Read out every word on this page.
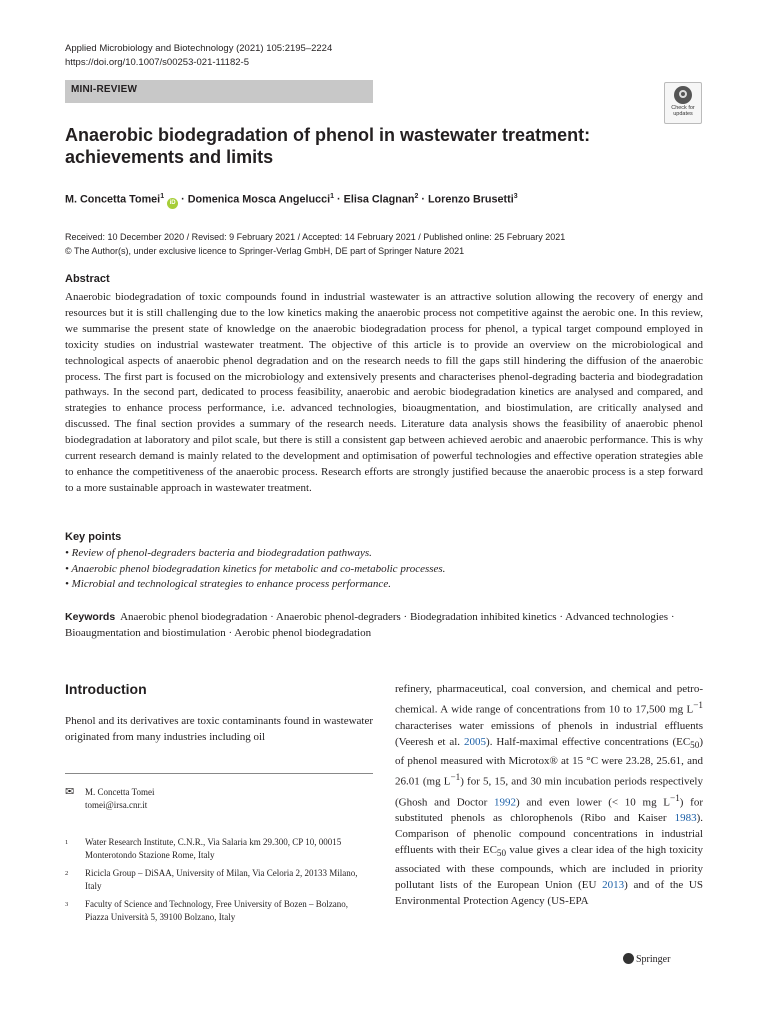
Applied Microbiology and Biotechnology (2021) 105:2195–2224
https://doi.org/10.1007/s00253-021-11182-5
MINI-REVIEW
Check for
updates
Anaerobic biodegradation of phenol in wastewater treatment: achievements and limits
M. Concetta Tomei$^1$ iD · Domenica Mosca Angelucci$^1$ · Elisa Clagnan$^2$ · Lorenzo Brusetti$^3$
Received: 10 December 2020 / Revised: 9 February 2021 / Accepted: 14 February 2021 / Published online: 25 February 2021
© The Author(s), under exclusive licence to Springer-Verlag GmbH, DE part of Springer Nature 2021
Abstract
Anaerobic biodegradation of toxic compounds found in industrial wastewater is an attractive solution allowing the recovery of energy and resources but it is still challenging due to the low kinetics making the anaerobic process not competitive against the aerobic one. In this review, we summarise the present state of knowledge on the anaerobic biodegradation process for phenol, a typical target compound employed in toxicity studies on industrial wastewater treatment. The objective of this article is to provide an overview on the microbiological and technological aspects of anaerobic phenol degradation and on the research needs to fill the gaps still hindering the diffusion of the anaerobic process. The first part is focused on the microbiology and extensively presents and characterises phenol-degrading bacteria and biodegradation pathways. In the second part, dedicated to process feasibility, anaerobic and aerobic biodegradation kinetics are analysed and compared, and strategies to enhance process performance, i.e. advanced technologies, bioaugmentation, and biostimulation, are critically analysed and discussed. The final section provides a summary of the research needs. Literature data analysis shows the feasibility of anaerobic phenol biodegradation at laboratory and pilot scale, but there is still a consistent gap between achieved aerobic and anaerobic performance. This is why current research demand is mainly related to the development and optimisation of powerful technologies and effective operation strategies able to enhance the competitiveness of the anaerobic process. Research efforts are strongly justified because the anaerobic process is a step forward to a more sustainable approach in wastewater treatment.
Key points
• Review of phenol-degraders bacteria and biodegradation pathways.
• Anaerobic phenol biodegradation kinetics for metabolic and co-metabolic processes.
• Microbial and technological strategies to enhance process performance.
Keywords Anaerobic phenol biodegradation · Anaerobic phenol-degraders · Biodegradation inhibited kinetics · Advanced technologies · Bioaugmentation and biostimulation · Aerobic phenol biodegradation
Introduction
Phenol and its derivatives are toxic contaminants found in wastewater originated from many industries including oil
✉ M. Concetta Tomei
tomei@irsa.cnr.it
1 Water Research Institute, C.N.R., Via Salaria km 29.300, CP 10, 00015 Monterotondo Stazione Rome, Italy
2 Ricicla Group – DiSAA, University of Milan, Via Celoria 2, 20133 Milano, Italy
3 Faculty of Science and Technology, Free University of Bozen – Bolzano, Piazza Università 5, 39100 Bolzano, Italy
refinery, pharmaceutical, coal conversion, and chemical and petro-chemical. A wide range of concentrations from 10 to 17,500 mg $L^{-1}$ characterises water emissions of phenols in industrial effluents (Veeresh et al. 2005). Half-maximal effective concentrations $(EC_{50})$ of phenol measured with Microtox® at 15 °C were 23.28, 25.61, and 26.01 (mg $L^{-1}$) for 5, 15, and 30 min incubation periods respectively (Ghosh and Doctor 1992) and even lower (< 10 mg $L^{-1}$) for substituted phenols as chlorophenols (Ribo and Kaiser 1983). Comparison of phenolic compound concentrations in industrial effluents with their $EC_{50}$ value gives a clear idea of the high toxicity associated with these compounds, which are included in priority pollutant lists of the European Union (EU 2013) and of the US Environmental Protection Agency (US-EPA
Springer
